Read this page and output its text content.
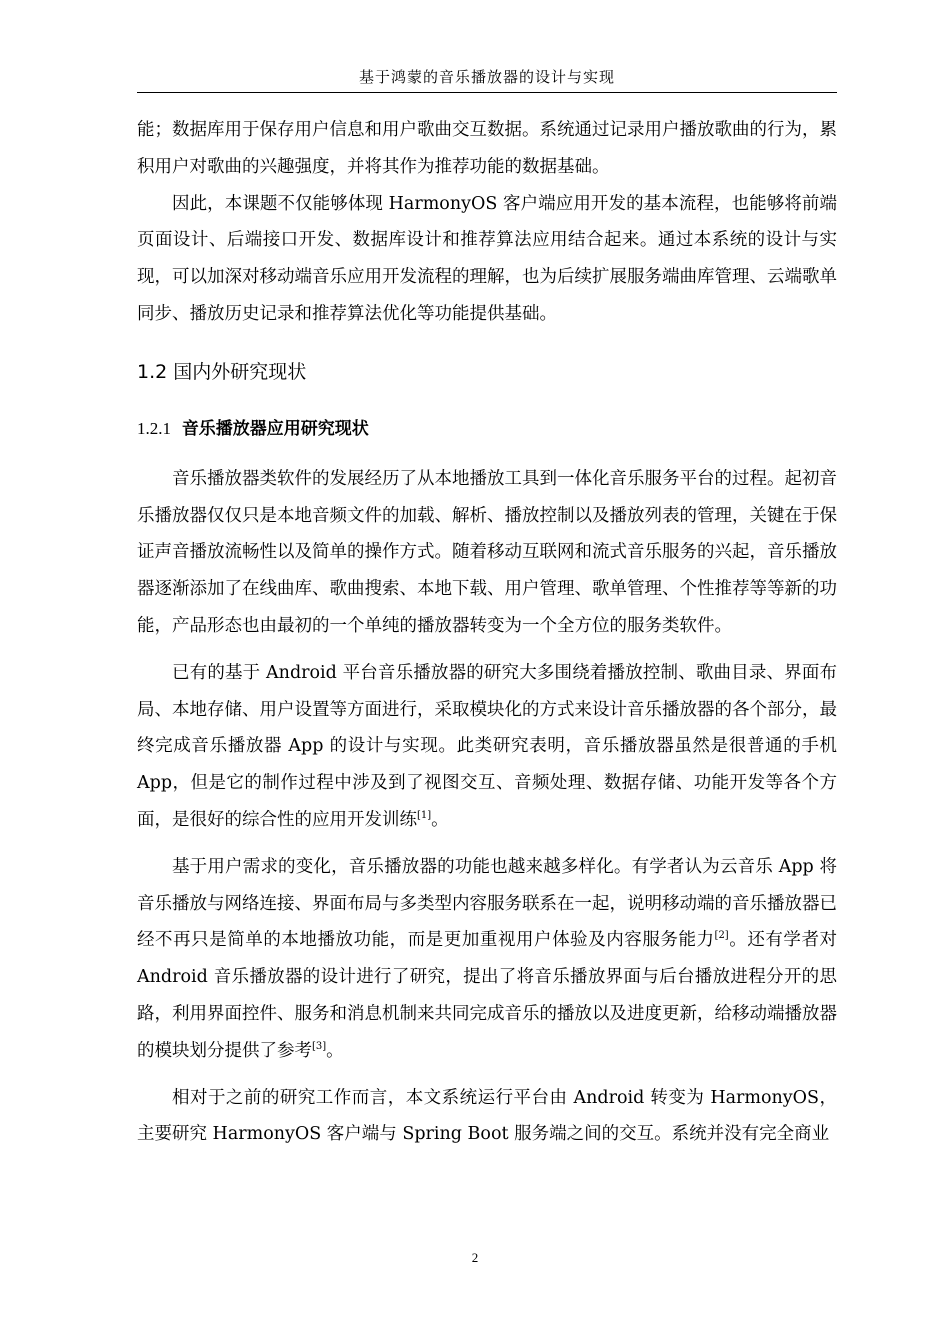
基于鸿蒙的音乐播放器的设计与实现

能；数据库用于保存用户信息和用户歌曲交互数据。系统通过记录用户播放歌曲的行为，累积用户对歌曲的兴趣强度，并将其作为推荐功能的数据基础。

因此，本课题不仅能够体现 HarmonyOS 客户端应用开发的基本流程，也能够将前端页面设计、后端接口开发、数据库设计和推荐算法应用结合起来。通过本系统的设计与实现，可以加深对移动端音乐应用开发流程的理解，也为后续扩展服务端曲库管理、云端歌单同步、播放历史记录和推荐算法优化等功能提供基础。

1.2 国内外研究现状
1.2.1 音乐播放器应用研究现状

音乐播放器类软件的发展经历了从本地播放工具到一体化音乐服务平台的过程。起初音乐播放器仅仅只是本地音频文件的加载、解析、播放控制以及播放列表的管理，关键在于保证声音播放流畅性以及简单的操作方式。随着移动互联网和流式音乐服务的兴起，音乐播放器逐渐添加了在线曲库、歌曲搜索、本地下载、用户管理、歌单管理、个性推荐等等新的功能，产品形态也由最初的一个单纯的播放器转变为一个全方位的服务类软件。

已有的基于 Android 平台音乐播放器的研究大多围绕着播放控制、歌曲目录、界面布局、本地存储、用户设置等方面进行，采取模块化的方式来设计音乐播放器的各个部分，最终完成音乐播放器 App 的设计与实现。此类研究表明，音乐播放器虽然是很普通的手机 App，但是它的制作过程中涉及到了视图交互、音频处理、数据存储、功能开发等各个方面，是很好的综合性的应用开发训练[1]。

基于用户需求的变化，音乐播放器的功能也越来越多样化。有学者认为云音乐 App 将音乐播放与网络连接、界面布局与多类型内容服务联系在一起，说明移动端的音乐播放器已经不再只是简单的本地播放功能，而是更加重视用户体验及内容服务能力[2]。还有学者对 Android 音乐播放器的设计进行了研究，提出了将音乐播放界面与后台播放进程分开的思路，利用界面控件、服务和消息机制来共同完成音乐的播放以及进度更新，给移动端播放器的模块划分提供了参考[3]。

相对于之前的研究工作而言，本文系统运行平台由 Android 转变为 HarmonyOS，主要研究 HarmonyOS 客户端与 Spring Boot 服务端之间的交互。系统并没有完全商业

2
